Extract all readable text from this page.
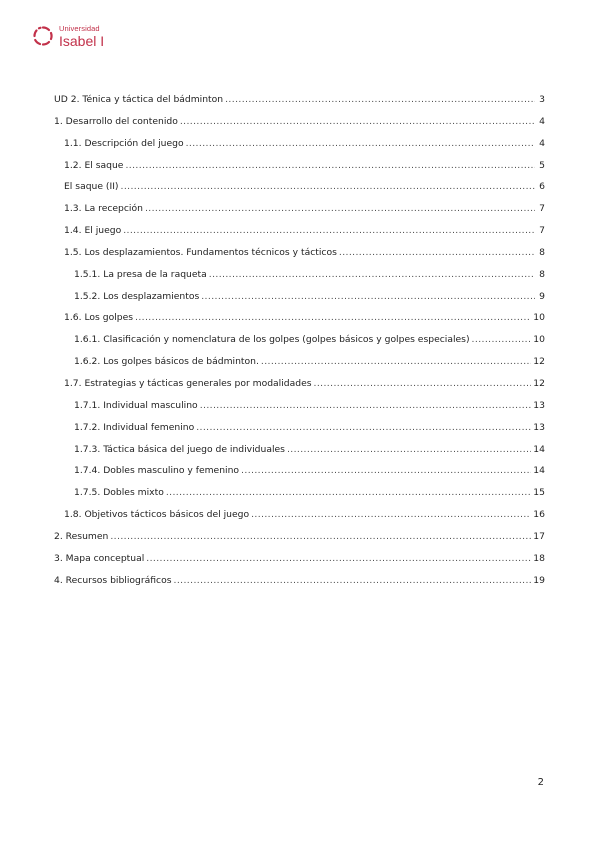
Universidad
Isabel I
UD 2. Ténica y táctica del bádminton .....	3
1. Desarrollo del contenido .....	4
1.1. Descripción del juego .....	4
1.2. El saque .....	5
El saque (II) .....	6
1.3. La recepción .....	7
1.4. El juego .....	7
1.5. Los desplazamientos. Fundamentos técnicos y tácticos .....	8
1.5.1. La presa de la raqueta .....	8
1.5.2. Los desplazamientos .....	9
1.6. Los golpes .....	10
1.6.1. Clasificación y nomenclatura de los golpes (golpes básicos y golpes especiales) .....	10
1.6.2. Los golpes básicos de bádminton. .....	12
1.7. Estrategias y tácticas generales por modalidades .....	12
1.7.1. Individual masculino .....	13
1.7.2. Individual femenino .....	13
1.7.3. Táctica básica del juego de individuales .....	14
1.7.4. Dobles masculino y femenino .....	14
1.7.5. Dobles mixto .....	15
1.8. Objetivos tácticos básicos del juego .....	16
2. Resumen .....	17
3. Mapa conceptual .....	18
4. Recursos bibliográficos .....	19
2
